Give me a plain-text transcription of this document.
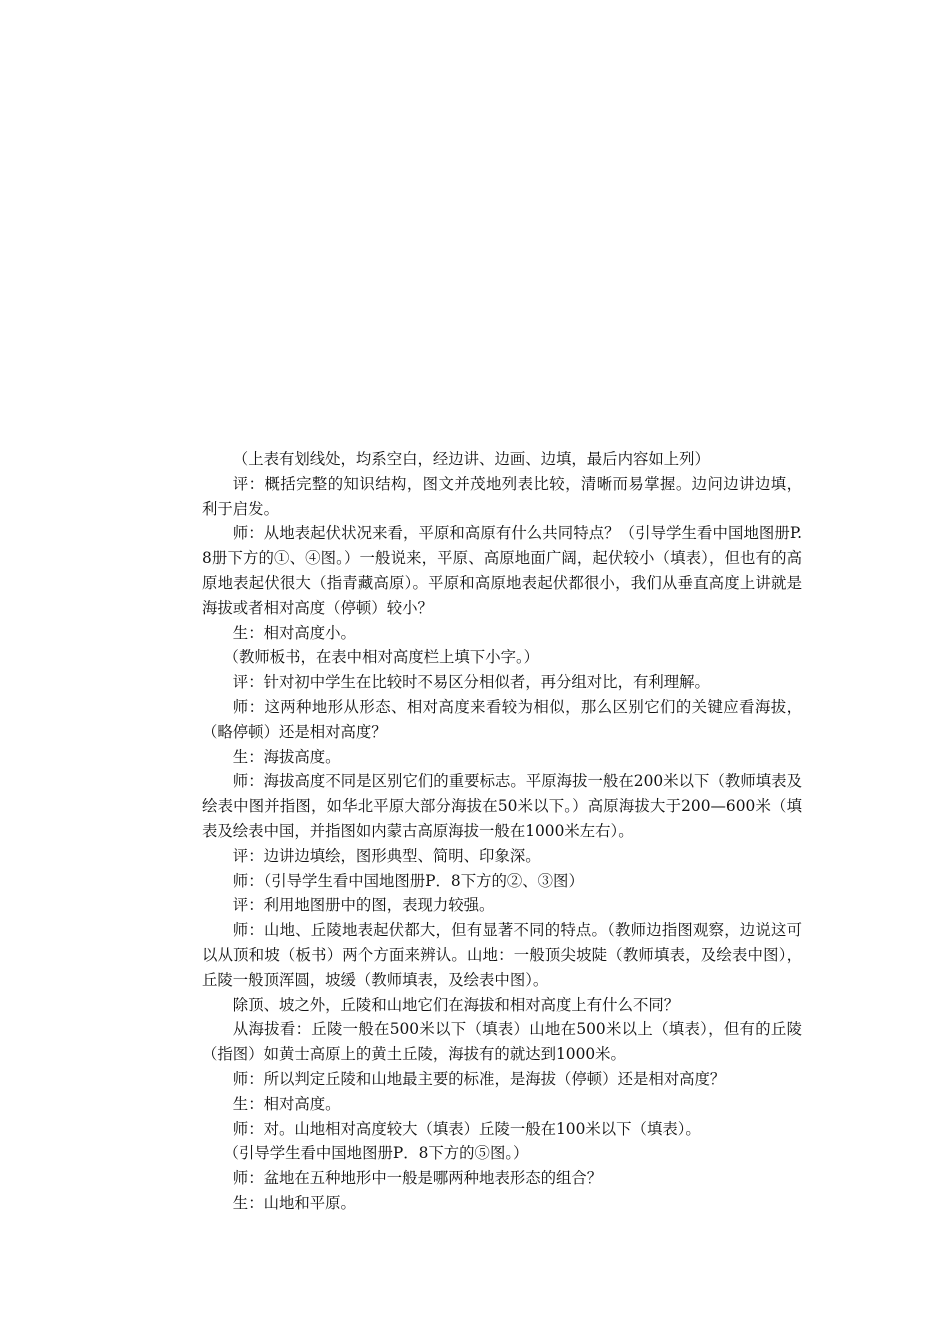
（上表有划线处，均系空白，经边讲、边画、边填，最后内容如上列）

评：概括完整的知识结构，图文并茂地列表比较，清晰而易掌握。边问边讲边填，利于启发。

师：从地表起伏状况来看，平原和高原有什么共同特点？（引导学生看中国地图册P.8册下方的①、④图。）一般说来，平原、高原地面广阔，起伏较小（填表），但也有的高原地表起伏很大（指青藏高原）。平原和高原地表起伏都很小，我们从垂直高度上讲就是海拔或者相对高度（停顿）较小？

生：相对高度小。

（教师板书，在表中相对高度栏上填下小字。）

评：针对初中学生在比较时不易区分相似者，再分组对比，有利理解。

师：这两种地形从形态、相对高度来看较为相似，那么区别它们的关键应看海拔，（略停顿）还是相对高度？

生：海拔高度。

师：海拔高度不同是区别它们的重要标志。平原海拔一般在200米以下（教师填表及绘表中图并指图，如华北平原大部分海拔在50米以下。）高原海拔大于200—600米（填表及绘表中国，并指图如内蒙古高原海拔一般在1000米左右）。

评：边讲边填绘，图形典型、简明、印象深。

师：（引导学生看中国地图册P．8下方的②、③图）

评：利用地图册中的图，表现力较强。

师：山地、丘陵地表起伏都大，但有显著不同的特点。（教师边指图观察，边说这可以从顶和坡（板书）两个方面来辨认。山地：一般顶尖坡陡（教师填表，及绘表中图），丘陵一般顶浑圆，坡缓（教师填表，及绘表中图）。

除顶、坡之外，丘陵和山地它们在海拔和相对高度上有什么不同？

从海拔看：丘陵一般在500米以下（填表）山地在500米以上（填表），但有的丘陵（指图）如黄士高原上的黄土丘陵，海拔有的就达到1000米。

师：所以判定丘陵和山地最主要的标准，是海拔（停顿）还是相对高度？

生：相对高度。

师：对。山地相对高度较大（填表）丘陵一般在100米以下（填表）。

（引导学生看中国地图册P．8下方的⑤图。）

师：盆地在五种地形中一般是哪两种地表形态的组合？

生：山地和平原。
